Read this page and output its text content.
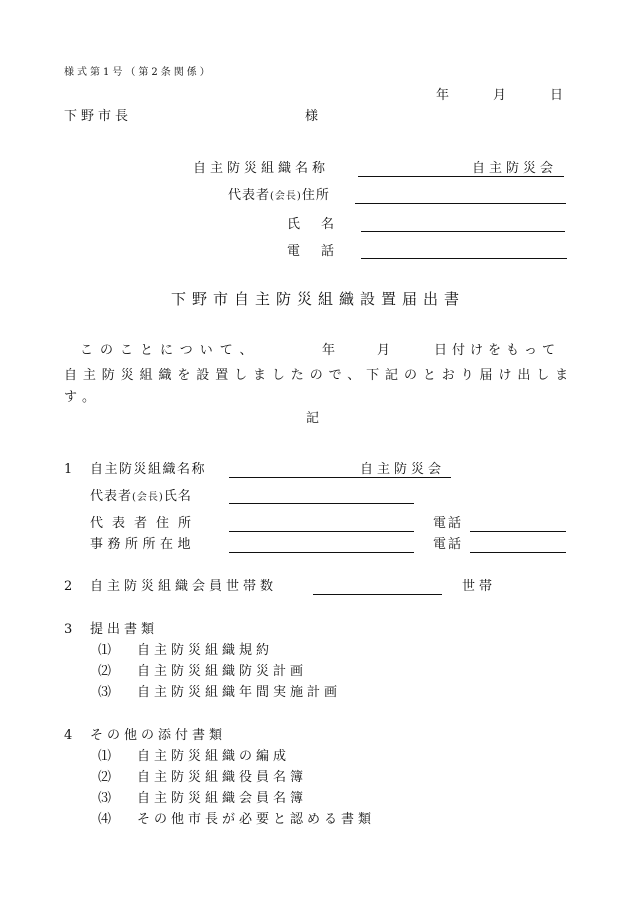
様式第1号（第2条関係）
年	月	日
下野市長	様
自主防災組織名称	自主防災会
代表者(会長)住所
氏　名
電　話
下野市自主防災組織設置届出書
このことについて、	年	月	日付けをもって
自主防災組織を設置しましたので、下記のとおり届け出しま
す。
記
1 自主防災組織名称	自主防災会
代表者(会長)氏名
代表者住所	電話
事務所所在地	電話
2 自主防災組織会員世帯数	世帯
3 提出書類
⑴ 自主防災組織規約
⑵ 自主防災組織防災計画
⑶ 自主防災組織年間実施計画
4 その他の添付書類
⑴ 自主防災組織の編成
⑵ 自主防災組織役員名簿
⑶ 自主防災組織会員名簿
⑷ その他市長が必要と認める書類
